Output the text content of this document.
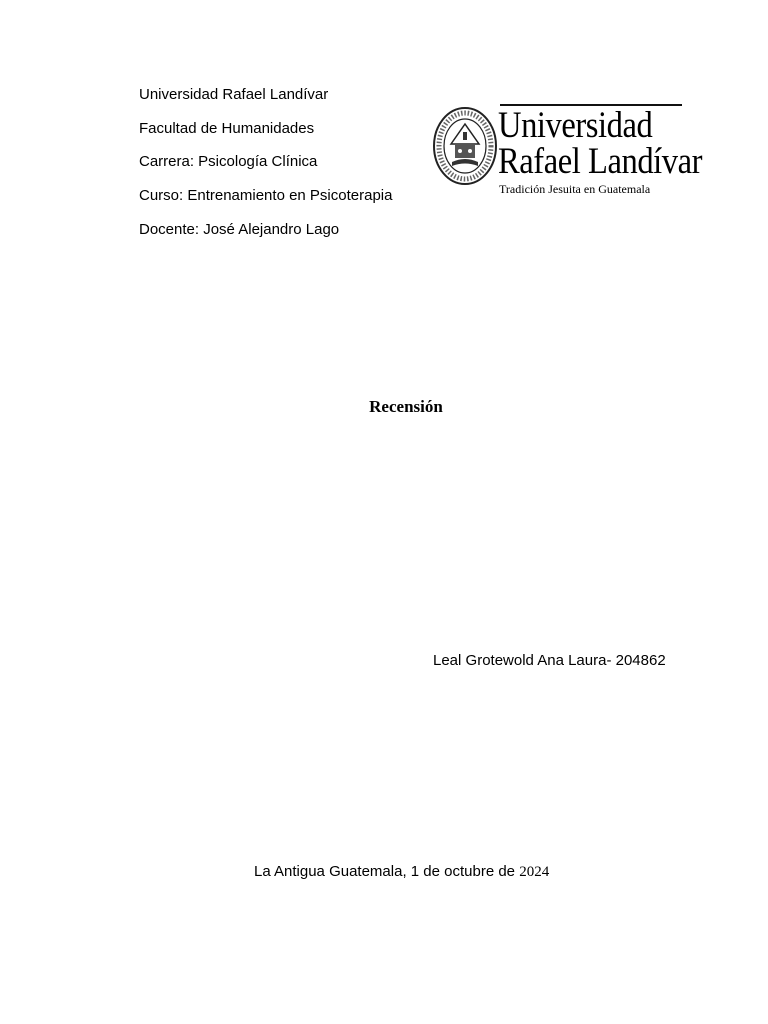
Universidad Rafael Landívar
Facultad de Humanidades
Carrera: Psicología Clínica
Curso: Entrenamiento en Psicoterapia
Docente: José Alejandro Lago
Universidad
Rafael Landívar
Tradición Jesuita en Guatemala
Recensión
Leal Grotewold Ana Laura- 204862
La Antigua Guatemala, 1 de octubre de 2024
